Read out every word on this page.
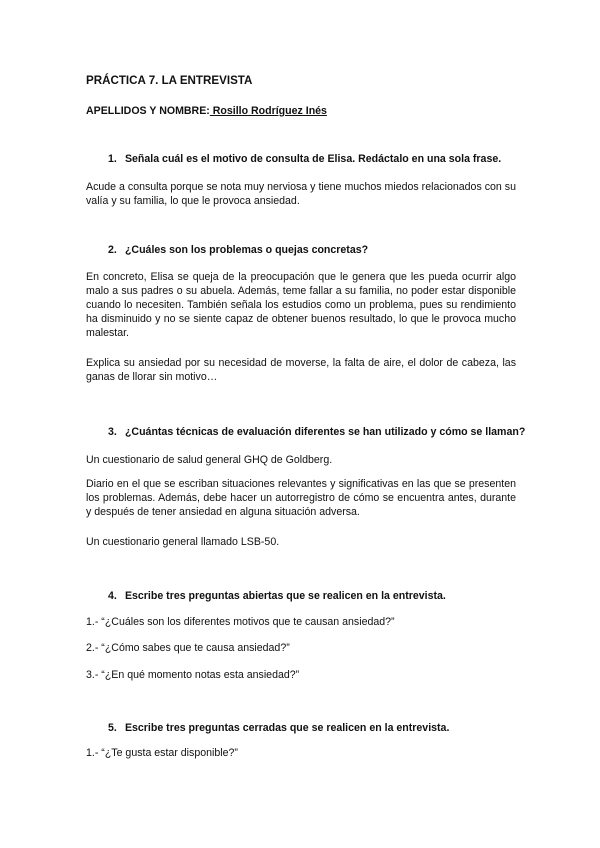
PRÁCTICA 7. LA ENTREVISTA

APELLIDOS Y NOMBRE: Rosillo Rodríguez Inés

1. Señala cuál es el motivo de consulta de Elisa. Redáctalo en una sola frase.

Acude a consulta porque se nota muy nerviosa y tiene muchos miedos relacionados con su valía y su familia, lo que le provoca ansiedad.

2. ¿Cuáles son los problemas o quejas concretas?

En concreto, Elisa se queja de la preocupación que le genera que les pueda ocurrir algo malo a sus padres o su abuela. Además, teme fallar a su familia, no poder estar disponible cuando lo necesiten. También señala los estudios como un problema, pues su rendimiento ha disminuido y no se siente capaz de obtener buenos resultado, lo que le provoca mucho malestar.

Explica su ansiedad por su necesidad de moverse, la falta de aire, el dolor de cabeza, las ganas de llorar sin motivo…

3. ¿Cuántas técnicas de evaluación diferentes se han utilizado y cómo se llaman?

Un cuestionario de salud general GHQ de Goldberg.

Diario en el que se escriban situaciones relevantes y significativas en las que se presenten los problemas. Además, debe hacer un autorregistro de cómo se encuentra antes, durante y después de tener ansiedad en alguna situación adversa.

Un cuestionario general llamado LSB-50.

4. Escribe tres preguntas abiertas que se realicen en la entrevista.

1.- “¿Cuáles son los diferentes motivos que te causan ansiedad?”

2.- “¿Cómo sabes que te causa ansiedad?”

3.- “¿En qué momento notas esta ansiedad?”

5. Escribe tres preguntas cerradas que se realicen en la entrevista.

1.- “¿Te gusta estar disponible?”
